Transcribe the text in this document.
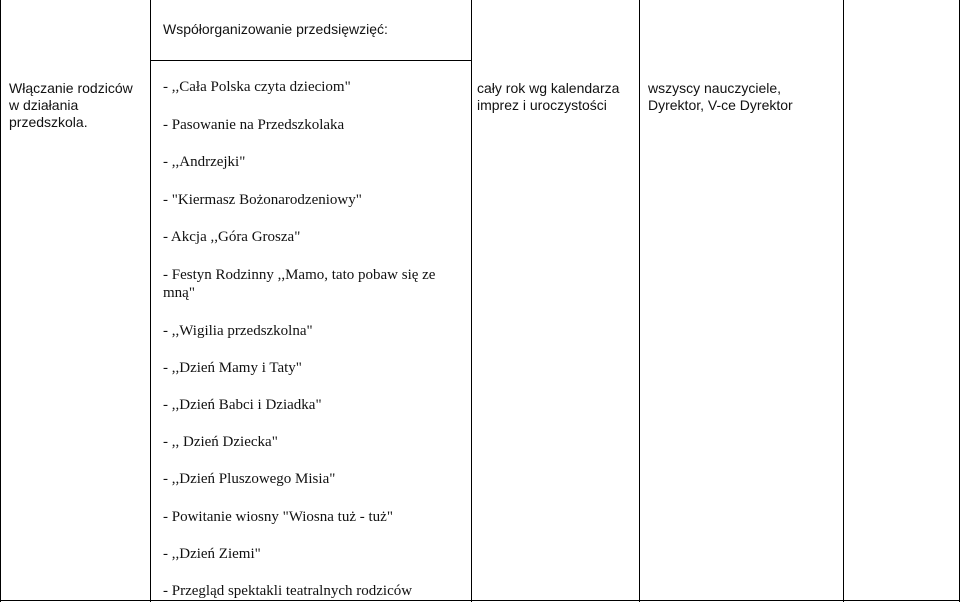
Współorganizowanie przedsięwzięć:
Włączanie rodziców
w działania
przedszkola.
cały rok wg kalendarza
imprez i uroczystości
wszyscy nauczyciele,
Dyrektor, V-ce Dyrektor
- ,,Cała Polska czyta dzieciom"
- Pasowanie na Przedszkolaka
- ,,Andrzejki"
- "Kiermasz Bożonarodzeniowy"
- Akcja ,,Góra Grosza"
- Festyn Rodzinny ,,Mamo, tato pobaw się ze mną"
- ,,Wigilia przedszkolna"
- ,,Dzień Mamy i Taty"
- ,,Dzień Babci i Dziadka"
- ,, Dzień Dziecka"
- ,,Dzień Pluszowego Misia"
- Powitanie wiosny "Wiosna tuż - tuż"
- ,,Dzień Ziemi"
- Przegląd spektakli teatralnych rodziców
